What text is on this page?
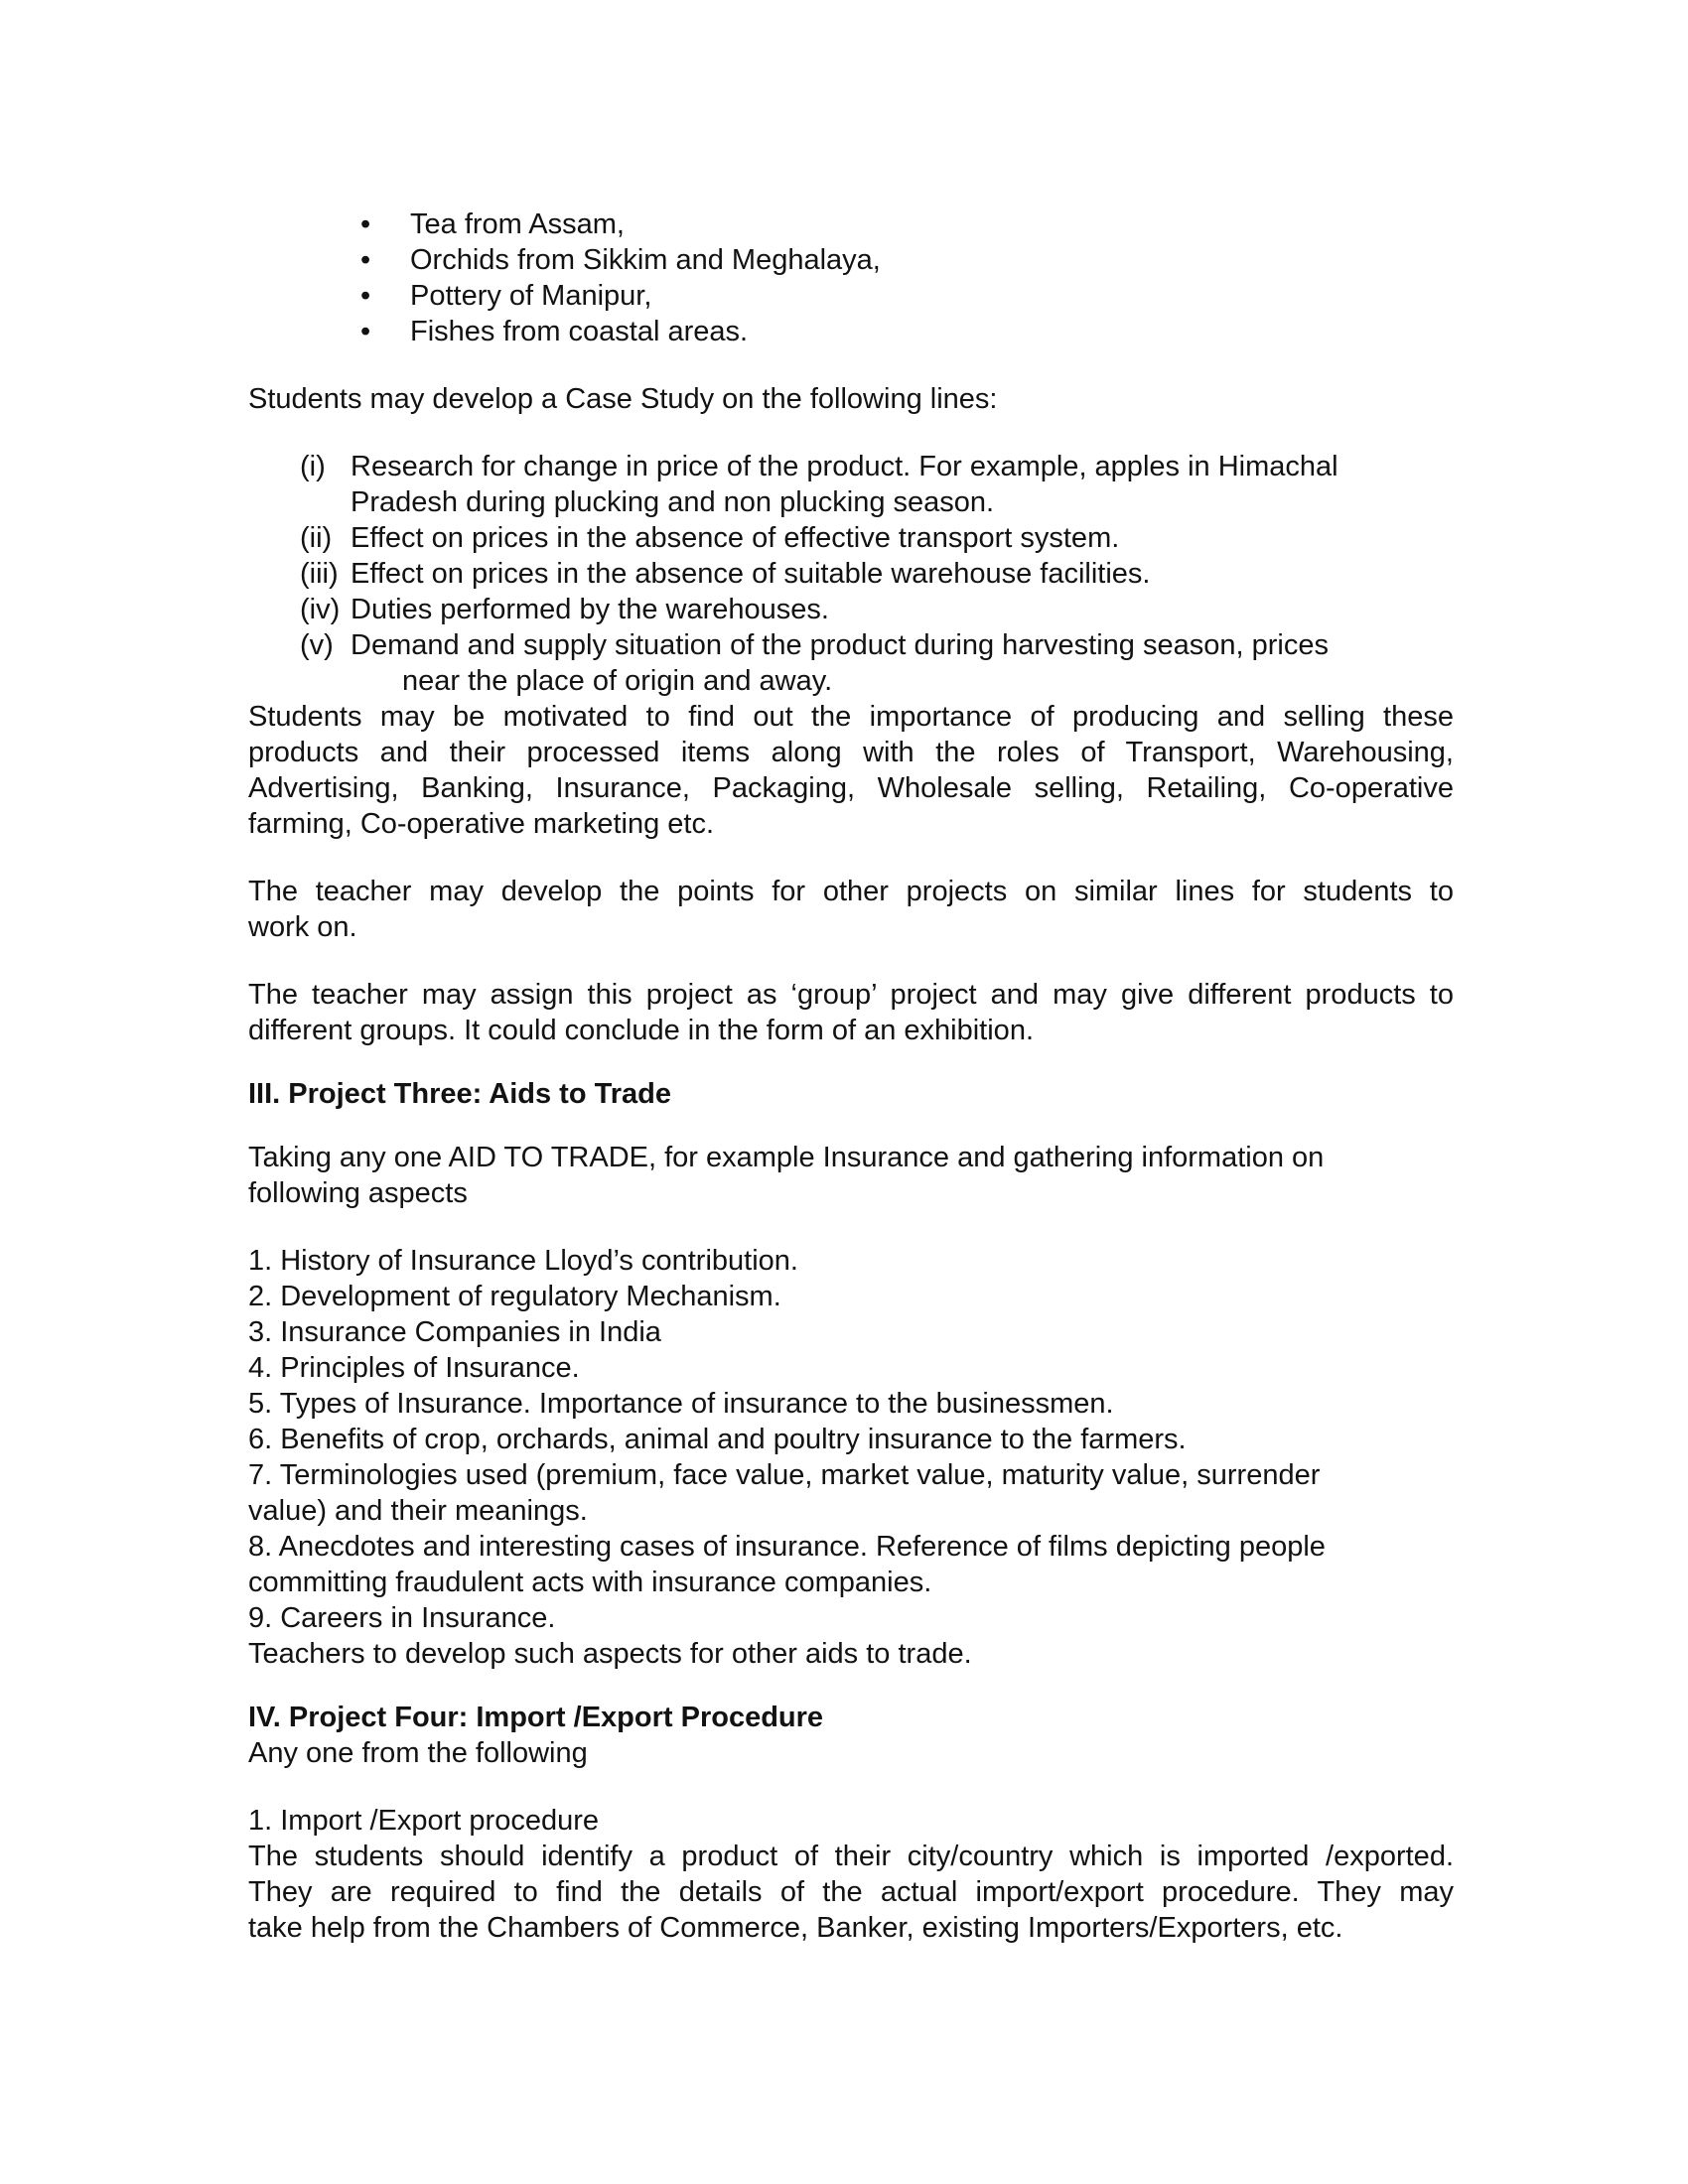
•
Tea from Assam,
•
Orchids from Sikkim and Meghalaya,
•
Pottery of Manipur,
•
Fishes from coastal areas.
Students may develop a Case Study on the following lines:
(i) Research for change in price of the product. For example, apples in Himachal
Pradesh during plucking and non plucking season.
(ii) Effect on prices in the absence of effective transport system.
(iii) Effect on prices in the absence of suitable warehouse facilities.
(iv) Duties performed by the warehouses.
(v) Demand and supply situation of the product during harvesting season, prices
near the place of origin and away.
Students may be motivated to find out the importance of producing and selling these
products and their processed items along with the roles of Transport, Warehousing,
Advertising, Banking, Insurance, Packaging, Wholesale selling, Retailing, Co-operative
farming, Co-operative marketing etc.
The teacher may develop the points for other projects on similar lines for students to
work on.
The teacher may assign this project as ‘group’ project and may give different products to
different groups. It could conclude in the form of an exhibition.
III. Project Three: Aids to Trade
Taking any one AID TO TRADE, for example Insurance and gathering information on
following aspects
1. History of Insurance Lloyd’s contribution.
2. Development of regulatory Mechanism.
3. Insurance Companies in India
4. Principles of Insurance.
5. Types of Insurance. Importance of insurance to the businessmen.
6. Benefits of crop, orchards, animal and poultry insurance to the farmers.
7. Terminologies used (premium, face value, market value, maturity value, surrender
value) and their meanings.
8. Anecdotes and interesting cases of insurance. Reference of films depicting people
committing fraudulent acts with insurance companies.
9. Careers in Insurance.
Teachers to develop such aspects for other aids to trade.
IV. Project Four: Import /Export Procedure
Any one from the following
1. Import /Export procedure
The students should identify a product of their city/country which is imported /exported.
They are required to find the details of the actual import/export procedure. They may
take help from the Chambers of Commerce, Banker, existing Importers/Exporters, etc.
